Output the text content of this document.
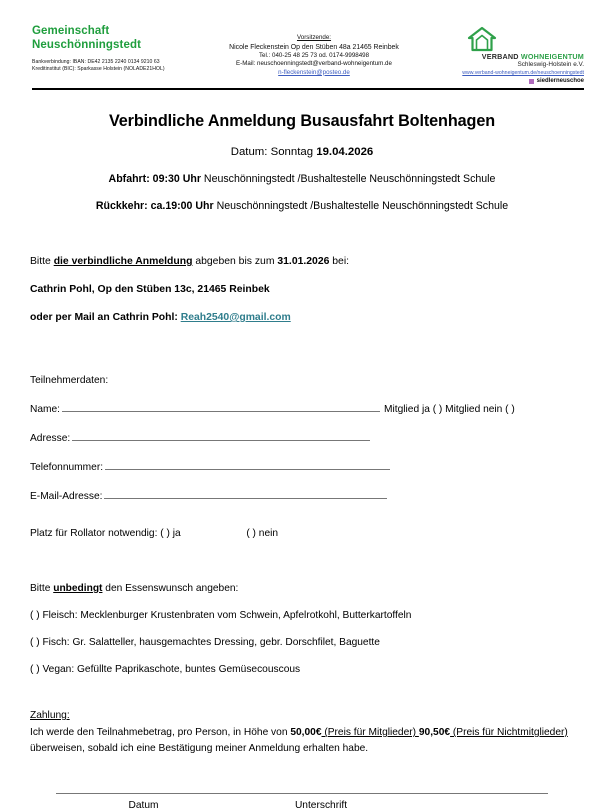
Gemeinschaft
Neuschönningstedt
Bankverbindung: IBAN: DE42 2135 2240 0134 9210 63
Kreditinstitut (BIC): Sparkasse Holstein (NOLADE21HOL)
Vorsitzende:
Nicole Fleckenstein Op den Stüben 48a 21465 Reinbek
Tel.: 040-25 48 25 73 od. 0174-9998498
E-Mail: neuschoenningstedt@verband-wohneigentum.de
n-fleckenstein@posteo.de
VERBAND WOHNEIGENTUM
Schleswig-Holstein e.V.
www.verband-wohneigentum.de/neuschoenningstedt
siedlerneuschoe
Verbindliche Anmeldung Busausfahrt Boltenhagen
Datum: Sonntag 19.04.2026
Abfahrt: 09:30 Uhr Neuschönningstedt /Bushaltestelle Neuschönningstedt Schule
Rückkehr: ca.19:00 Uhr Neuschönningstedt /Bushaltestelle Neuschönningstedt Schule
Bitte die verbindliche Anmeldung abgeben bis zum 31.01.2026 bei:
Cathrin Pohl, Op den Stüben 13c, 21465 Reinbek
oder per Mail an Cathrin Pohl: Reah2540@gmail.com
Teilnehmerdaten:
Name:	Mitglied ja ( ) Mitglied nein ( )
Adresse:
Telefonnummer:
E-Mail-Adresse:
Platz für Rollator notwendig: ( ) ja	( ) nein
Bitte unbedingt den Essenswunsch angeben:
( ) Fleisch: Mecklenburger Krustenbraten vom Schwein, Apfelrotkohl, Butterkartoffeln
( ) Fisch: Gr. Salatteller, hausgemachtes Dressing, gebr. Dorschfilet, Baguette
( ) Vegan: Gefüllte Paprikaschote, buntes Gemüsecouscous
Zahlung:
Ich werde den Teilnahmebetrag, pro Person, in Höhe von 50,00€ (Preis für Mitglieder) 90,50€ (Preis für Nichtmitglieder) überweisen, sobald ich eine Bestätigung meiner Anmeldung erhalten habe.
Datum	Unterschrift
